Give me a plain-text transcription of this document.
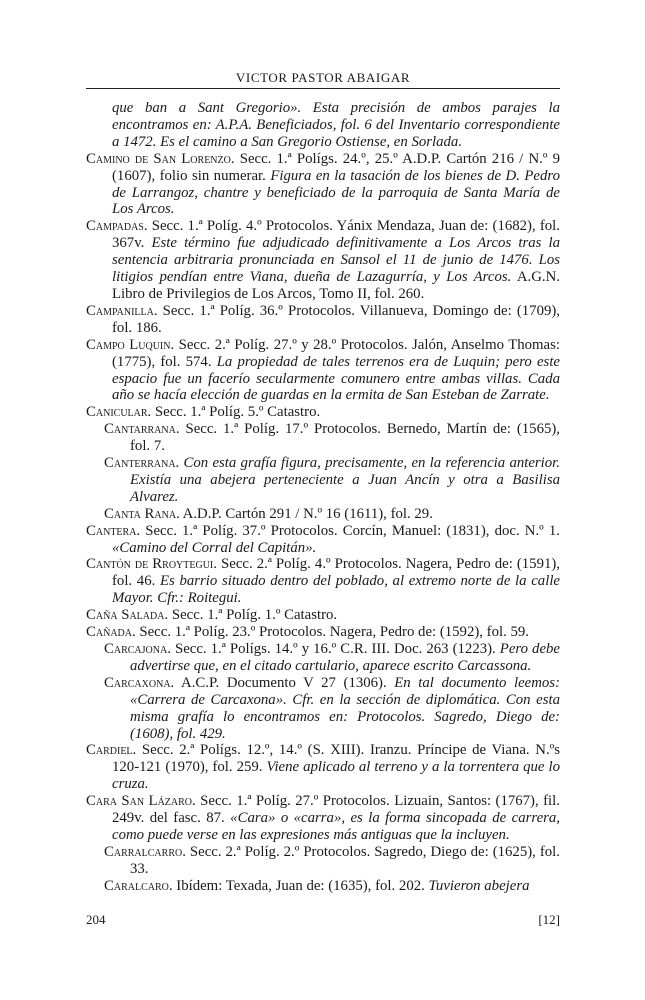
VICTOR PASTOR ABAIGAR

que ban a Sant Gregorio». Esta precisión de ambos parajes la encontramos en: A.P.A. Beneficiados, fol. 6 del Inventario correspondiente a 1472. Es el camino a San Gregorio Ostiense, en Sorlada.

Camino de San Lorenzo. Secc. 1.ª Polígs. 24.º, 25.º A.D.P. Cartón 216 / N.º 9 (1607), folio sin numerar. Figura en la tasación de los bienes de D. Pedro de Larrangoz, chantre y beneficiado de la parroquia de Santa María de Los Arcos.

Campadas. Secc. 1.ª Políg. 4.º Protocolos. Yánix Mendaza, Juan de: (1682), fol. 367v. Este término fue adjudicado definitivamente a Los Arcos tras la sentencia arbitraria pronunciada en Sansol el 11 de junio de 1476. Los litigios pendían entre Viana, dueña de Lazagurría, y Los Arcos. A.G.N. Libro de Privilegios de Los Arcos, Tomo II, fol. 260.

Campanilla. Secc. 1.ª Políg. 36.º Protocolos. Villanueva, Domingo de: (1709), fol. 186.

Campo Luquin. Secc. 2.ª Políg. 27.º y 28.º Protocolos. Jalón, Anselmo Thomas: (1775), fol. 574. La propiedad de tales terrenos era de Luquin; pero este espacio fue un facerío secularmente comunero entre ambas villas. Cada año se hacía elección de guardas en la ermita de San Esteban de Zarrate.

Canicular. Secc. 1.ª Políg. 5.º Catastro.

Cantarrana. Secc. 1.ª Políg. 17.º Protocolos. Bernedo, Martín de: (1565), fol. 7.

Canterrana. Con esta grafía figura, precisamente, en la referencia anterior. Existía una abejera perteneciente a Juan Ancín y otra a Basilisa Alvarez.

Canta Rana. A.D.P. Cartón 291 / N.º 16 (1611), fol. 29.

Cantera. Secc. 1.ª Políg. 37.º Protocolos. Corcín, Manuel: (1831), doc. N.º 1. «Camino del Corral del Capitán».

Cantón de Rroytegui. Secc. 2.ª Políg. 4.º Protocolos. Nagera, Pedro de: (1591), fol. 46. Es barrio situado dentro del poblado, al extremo norte de la calle Mayor. Cfr.: Roitegui.

Caña Salada. Secc. 1.ª Políg. 1.º Catastro.

Cañada. Secc. 1.ª Políg. 23.º Protocolos. Nagera, Pedro de: (1592), fol. 59.

Carcajona. Secc. 1.ª Polígs. 14.º y 16.º C.R. III. Doc. 263 (1223). Pero debe advertirse que, en el citado cartulario, aparece escrito Carcassona.

Carcaxona. A.C.P. Documento V 27 (1306). En tal documento leemos: «Carrera de Carcaxona». Cfr. en la sección de diplomática. Con esta misma grafía lo encontramos en: Protocolos. Sagredo, Diego de: (1608), fol. 429.

Cardiel. Secc. 2.ª Polígs. 12.º, 14.º (S. XIII). Iranzu. Príncipe de Viana. N.ºs 120-121 (1970), fol. 259. Viene aplicado al terreno y a la torrentera que lo cruza.

Cara San Lázaro. Secc. 1.ª Políg. 27.º Protocolos. Lizuain, Santos: (1767), fil. 249v. del fasc. 87. «Cara» o «carra», es la forma sincopada de carrera, como puede verse en las expresiones más antiguas que la incluyen.

Carralcarro. Secc. 2.ª Políg. 2.º Protocolos. Sagredo, Diego de: (1625), fol. 33.

Caralcaro. Ibídem: Texada, Juan de: (1635), fol. 202. Tuvieron abejera

204	[12]
